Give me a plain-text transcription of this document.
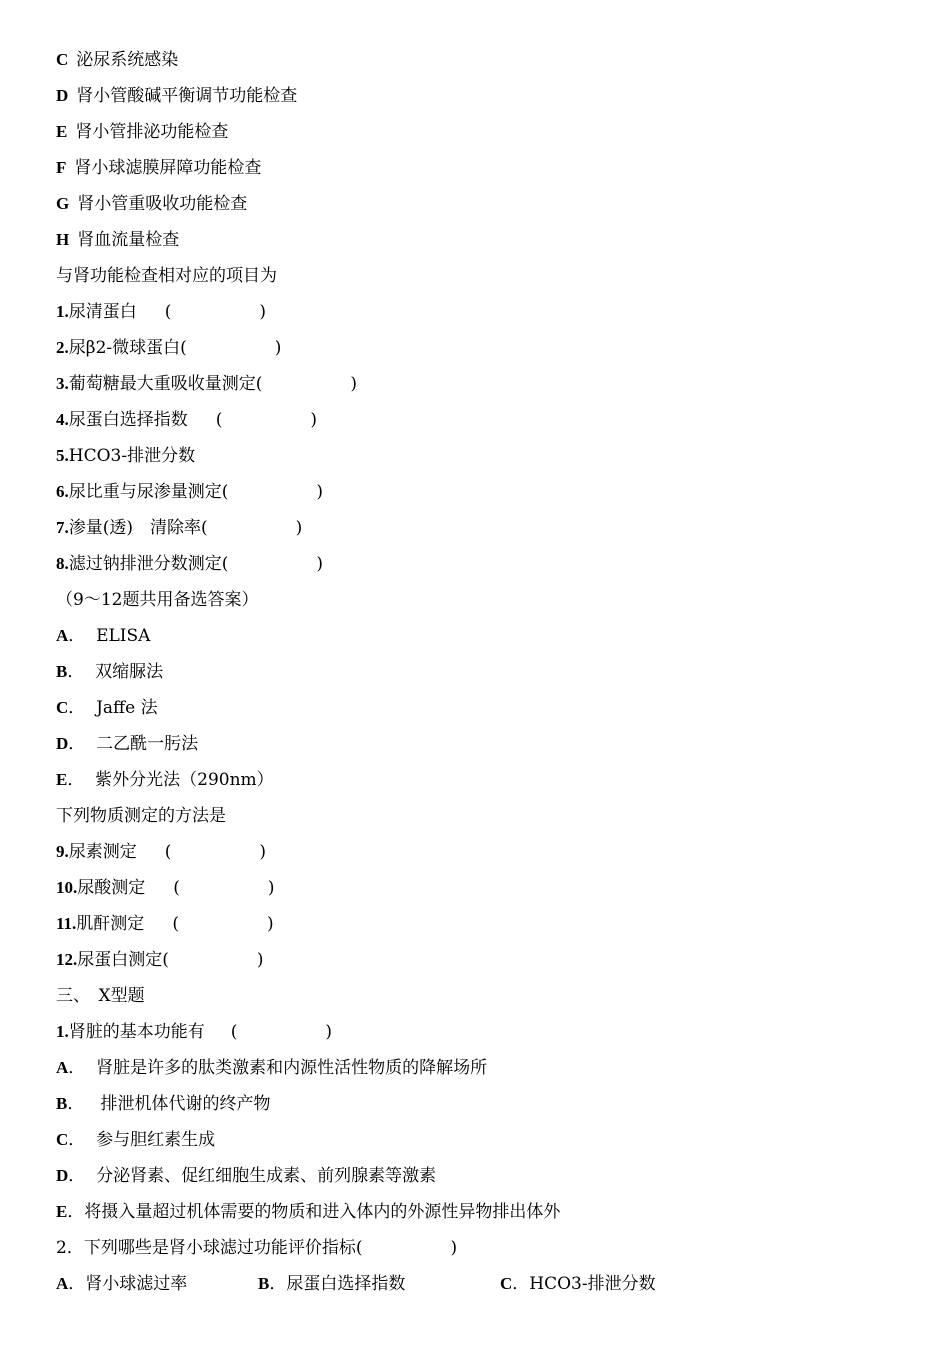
C 泌尿系统感染
D 肾小管酸碱平衡调节功能检查
E 肾小管排泌功能检查
F 肾小球滤膜屏障功能检查
G 肾小管重吸收功能检查
H 肾血流量检查
与肾功能检查相对应的项目为
1.尿清蛋白 (	)
2.尿β2-微球蛋白(	)
3.葡萄糖最大重吸收量测定(	)
4.尿蛋白选择指数 (	)
5.HCO3-排泄分数
6.尿比重与尿渗量测定(	)
7.渗量(透)　清除率(	)
8.滤过钠排泄分数测定(	)
（9～12题共用备选答案）
A．  ELISA
B．  双缩脲法
C．  Jaffe 法
D．  二乙酰一肟法
E．  紫外分光法（290nm）
下列物质测定的方法是
9.尿素测定 (	)
10.尿酸测定 (	)
11.肌酐测定 (	)
12.尿蛋白测定(	)
三、　X型题
1.肾脏的基本功能有 (	)
A．  肾脏是许多的肽类激素和内源性活性物质的降解场所
B．   排泄机体代谢的终产物
C．  参与胆红素生成
D．  分泌肾素、促红细胞生成素、前列腺素等激素
E．将摄入量超过机体需要的物质和进入体内的外源性异物排出体外
2．下列哪些是肾小球滤过功能评价指标(	)
A．肾小球滤过率	B．尿蛋白选择指数	C．HCO3-排泄分数
